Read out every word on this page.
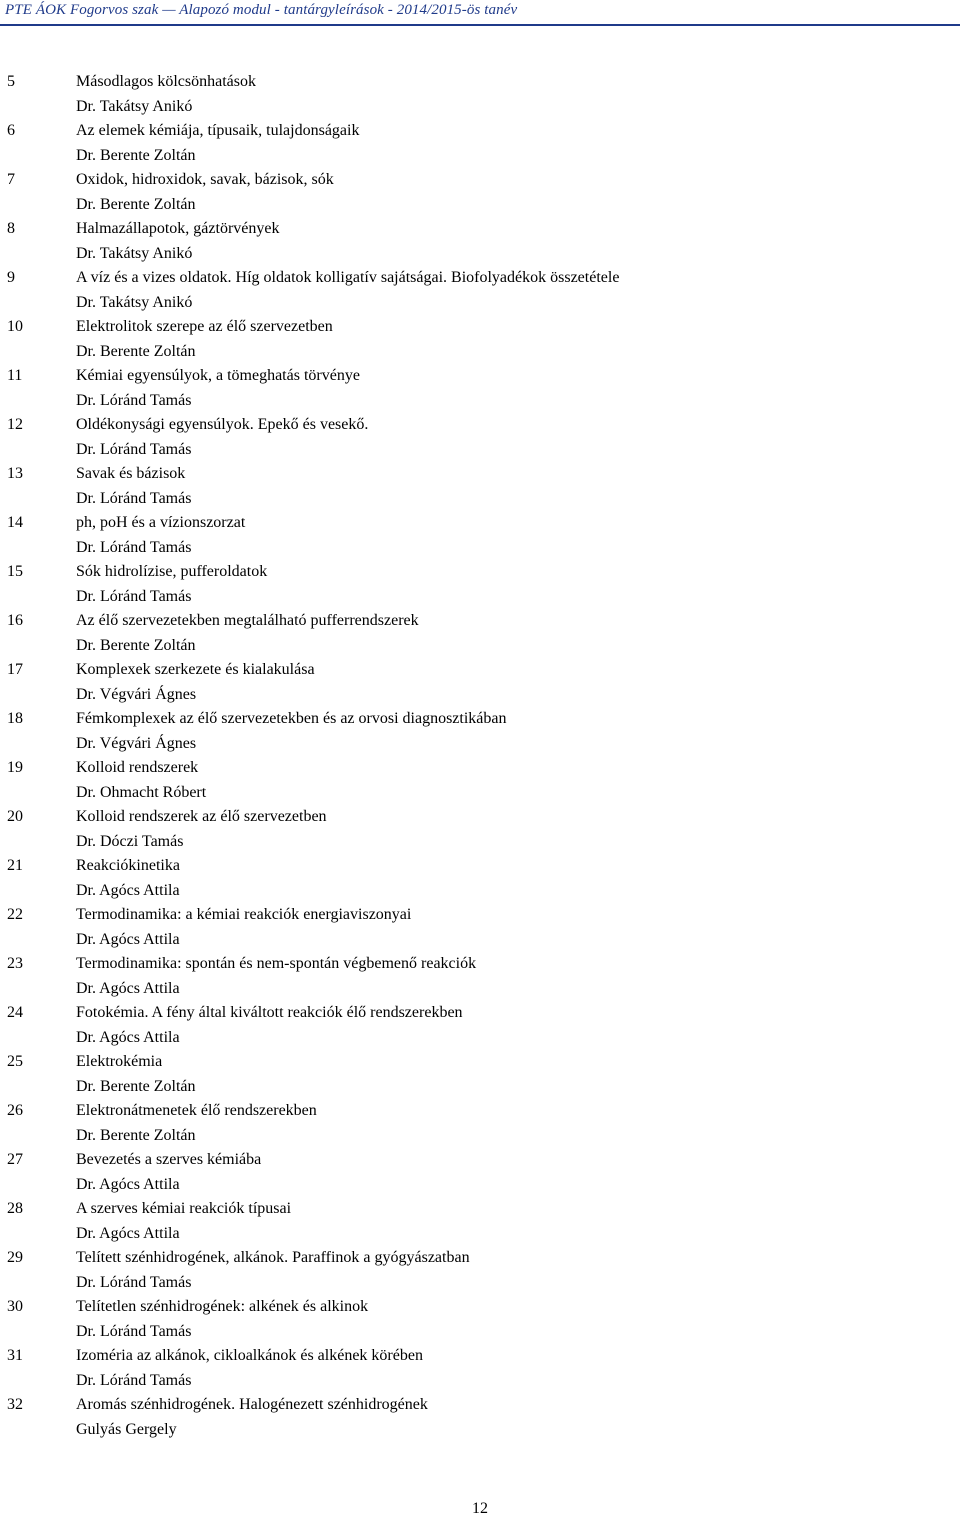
PTE ÁOK Fogorvos szak — Alapozó modul - tantárgyleírások - 2014/2015-ös tanév
5	Másodlagos kölcsönhatások
Dr. Takátsy Anikó
6	Az elemek kémiája, típusaik, tulajdonságaik
Dr. Berente Zoltán
7	Oxidok, hidroxidok, savak, bázisok, sók
Dr. Berente Zoltán
8	Halmazállapotok, gáztörvények
Dr. Takátsy Anikó
9	A víz és a vizes oldatok. Híg oldatok kolligatív sajátságai. Biofolyadékok összetétele
Dr. Takátsy Anikó
10	Elektrolitok szerepe az élő szervezetben
Dr. Berente Zoltán
11	Kémiai egyensúlyok, a tömeghatás törvénye
Dr. Lóránd Tamás
12	Oldékonysági egyensúlyok. Epekő és vesekő.
Dr. Lóránd Tamás
13	Savak és bázisok
Dr. Lóránd Tamás
14	ph, poH és a vízionszorzat
Dr. Lóránd Tamás
15	Sók hidrolízise, pufferoldatok
Dr. Lóránd Tamás
16	Az élő szervezetekben megtalálható pufferrendszerek
Dr. Berente Zoltán
17	Komplexek szerkezete és kialakulása
Dr. Végvári Ágnes
18	Fémkomplexek az élő szervezetekben és az orvosi diagnosztikában
Dr. Végvári Ágnes
19	Kolloid rendszerek
Dr. Ohmacht Róbert
20	Kolloid rendszerek az élő szervezetben
Dr. Dóczi Tamás
21	Reakciókinetika
Dr. Agócs Attila
22	Termodinamika: a kémiai reakciók energiaviszonyai
Dr. Agócs Attila
23	Termodinamika: spontán és nem-spontán végbemenő reakciók
Dr. Agócs Attila
24	Fotokémia. A fény által kiváltott reakciók élő rendszerekben
Dr. Agócs Attila
25	Elektrokémia
Dr. Berente Zoltán
26	Elektronátmenetek élő rendszerekben
Dr. Berente Zoltán
27	Bevezetés a szerves kémiába
Dr. Agócs Attila
28	A szerves kémiai reakciók típusai
Dr. Agócs Attila
29	Telített szénhidrogének, alkánok. Paraffinok a gyógyászatban
Dr. Lóránd Tamás
30	Telítetlen szénhidrogének: alkének és alkinok
Dr. Lóránd Tamás
31	Izoméria az alkánok, cikloalkánok és alkének körében
Dr. Lóránd Tamás
32	Aromás szénhidrogének. Halogénezett szénhidrogének
Gulyás Gergely
12
